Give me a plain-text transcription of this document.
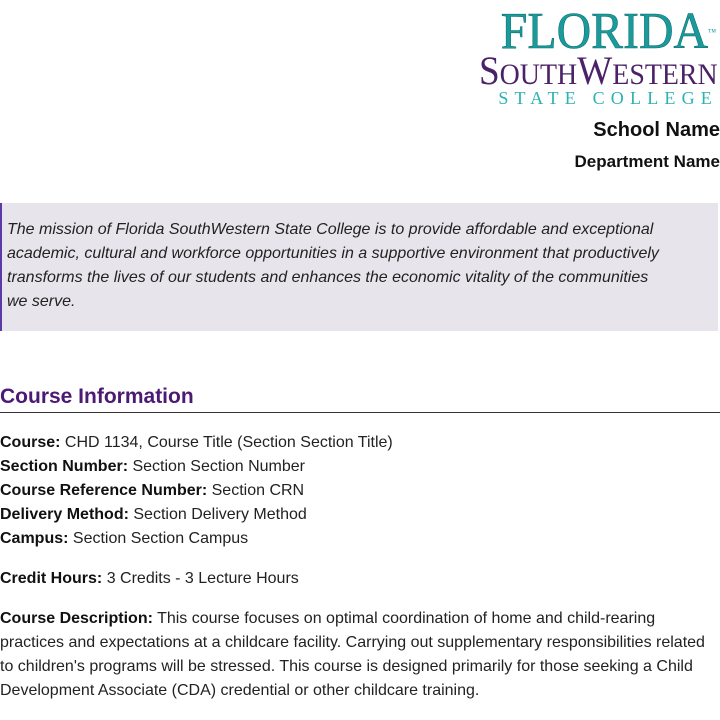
FLORIDA™
SOUTHWESTERN
STATE COLLEGE
School Name
Department Name
The mission of Florida SouthWestern State College is to provide affordable and exceptional academic, cultural and workforce opportunities in a supportive environment that productively transforms the lives of our students and enhances the economic vitality of the communities we serve.
Course Information
Course: CHD 1134, Course Title (Section Section Title)
Section Number: Section Section Number
Course Reference Number: Section CRN
Delivery Method: Section Delivery Method
Campus: Section Section Campus
Credit Hours: 3 Credits - 3 Lecture Hours
Course Description: This course focuses on optimal coordination of home and child-rearing practices and expectations at a childcare facility. Carrying out supplementary responsibilities related to children's programs will be stressed. This course is designed primarily for those seeking a Child Development Associate (CDA) credential or other childcare training.
